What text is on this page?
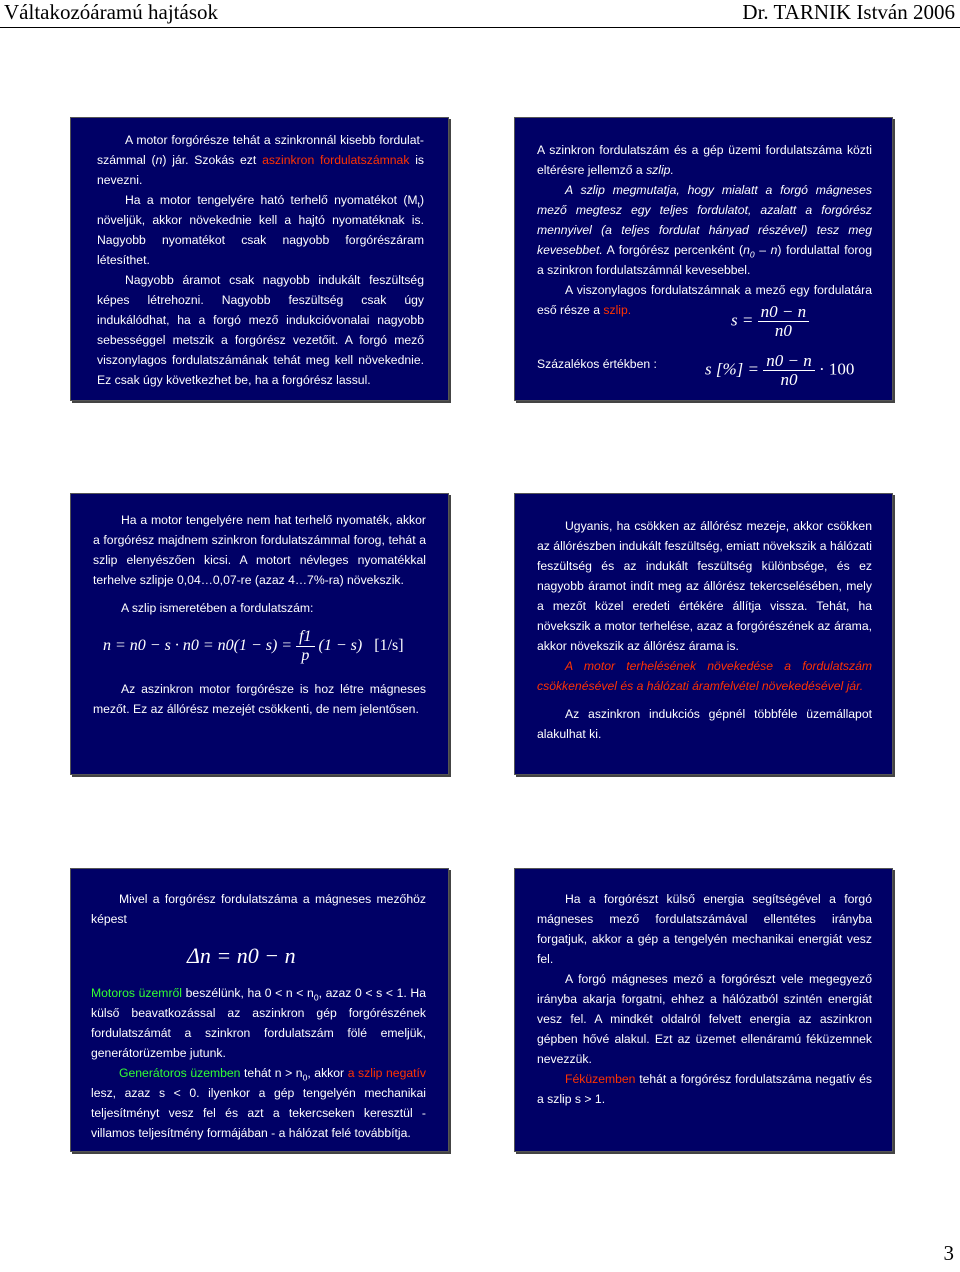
Váltakozóáramú hajtások	Dr. TARNIK István 2006

A motor forgórésze tehát a szinkronnál kisebb fordulat-számmal (n) jár. Szokás ezt aszinkron fordulatszámnak is nevezni.

Ha a motor tengelyére ható terhelő nyomatékot $(M_t)$ növeljük, akkor növekednie kell a hajtó nyomatéknak is. Nagyobb nyomatékot csak nagyobb forgórészáram létesíthet.

Nagyobb áramot csak nagyobb indukált feszültség képes létrehozni. Nagyobb feszültség csak úgy indukálódhat, ha a forgó mező indukcióvonalai nagyobb sebességgel metszik a forgórész vezetőit. A forgó mező viszonylagos fordulatszámának tehát meg kell növekednie. Ez csak úgy következhet be, ha a forgórész lassul.

A szinkron fordulatszám és a gép üzemi fordulatszáma közti eltérésre jellemző a szlip.

A szlip megmutatja, hogy mialatt a forgó mágneses mező megtesz egy teljes fordulatot, azalatt a forgórész mennyivel (a teljes fordulat hányad részével) tesz meg kevesebbet. A forgórész percenként $(n_0 - n)$ fordulattal forog a szinkron fordulatszámnál kevesebbel.

A viszonylagos fordulatszámnak a mező egy fordulatára eső része a szlip.

$s = \frac{n0 - n}{n0}$
Százalékos értékben :	s [%] = $\frac{n0 - n}{n0} \cdot 100$

Ha a motor tengelyére nem hat terhelő nyomaték, akkor a forgórész majdnem szinkron fordulatszámmal forog, tehát a szlip elenyészően kicsi. A motort névleges nyomatékkal terhelve szlipje 0,04…0,07-re (azaz 4…7%-ra) növekszik.

A szlip ismeretében a fordulatszám:

$n = n0 - s \cdot n0 = n0(1 - s) = \frac{f1}{p} (1 - s)$ [1/s]

Az aszinkron motor forgórésze is hoz létre mágneses mezőt. Ez az állórész mezejét csökkenti, de nem jelentősen.

Ugyanis, ha csökken az állórész mezeje, akkor csökken az állórészben indukált feszültség, emiatt növekszik a hálózati feszültség és az indukált feszültség különbsége, és ez nagyobb áramot indít meg az állórész tekercselésében, mely a mezőt közel eredeti értékére állítja vissza. Tehát, ha növekszik a motor terhelése, azaz a forgórészének az árama, akkor növekszik az állórész árama is.

A motor terhelésének növekedése a fordulatszám csökkenésével és a hálózati áramfelvétel növekedésével jár.

Az aszinkron indukciós gépnél többféle üzemállapot alakulhat ki.

Mivel a forgórész fordulatszáma a mágneses mezőhöz képest

Δn = n0 − n

Motoros üzemről beszélünk, ha $0 < n < n_0$, azaz 0 < s < 1. Ha külső beavatkozással az aszinkron gép forgórészének fordulatszámát a szinkron fordulatszám fölé emeljük, generátorüzembe jutunk.

Generátoros üzemben tehát $n > n_0$, akkor a szlip negatív lesz, azaz s < 0. ilyenkor a gép tengelyén mechanikai teljesítményt vesz fel és azt a tekercseken keresztül - villamos teljesítmény formájában - a hálózat felé továbbítja.

Ha a forgórészt külső energia segítségével a forgó mágneses mező fordulatszámával ellentétes irányba forgatjuk, akkor a gép a tengelyén mechanikai energiát vesz fel.

A forgó mágneses mező a forgórészt vele megegyező irányba akarja forgatni, ehhez a hálózatból szintén energiát vesz fel. A mindkét oldalról felvett energia az aszinkron gépben hővé alakul. Ezt az üzemet ellenáramú féküzemnek nevezzük.

Féküzemben tehát a forgórész fordulatszáma negatív és a szlip s > 1.

3
